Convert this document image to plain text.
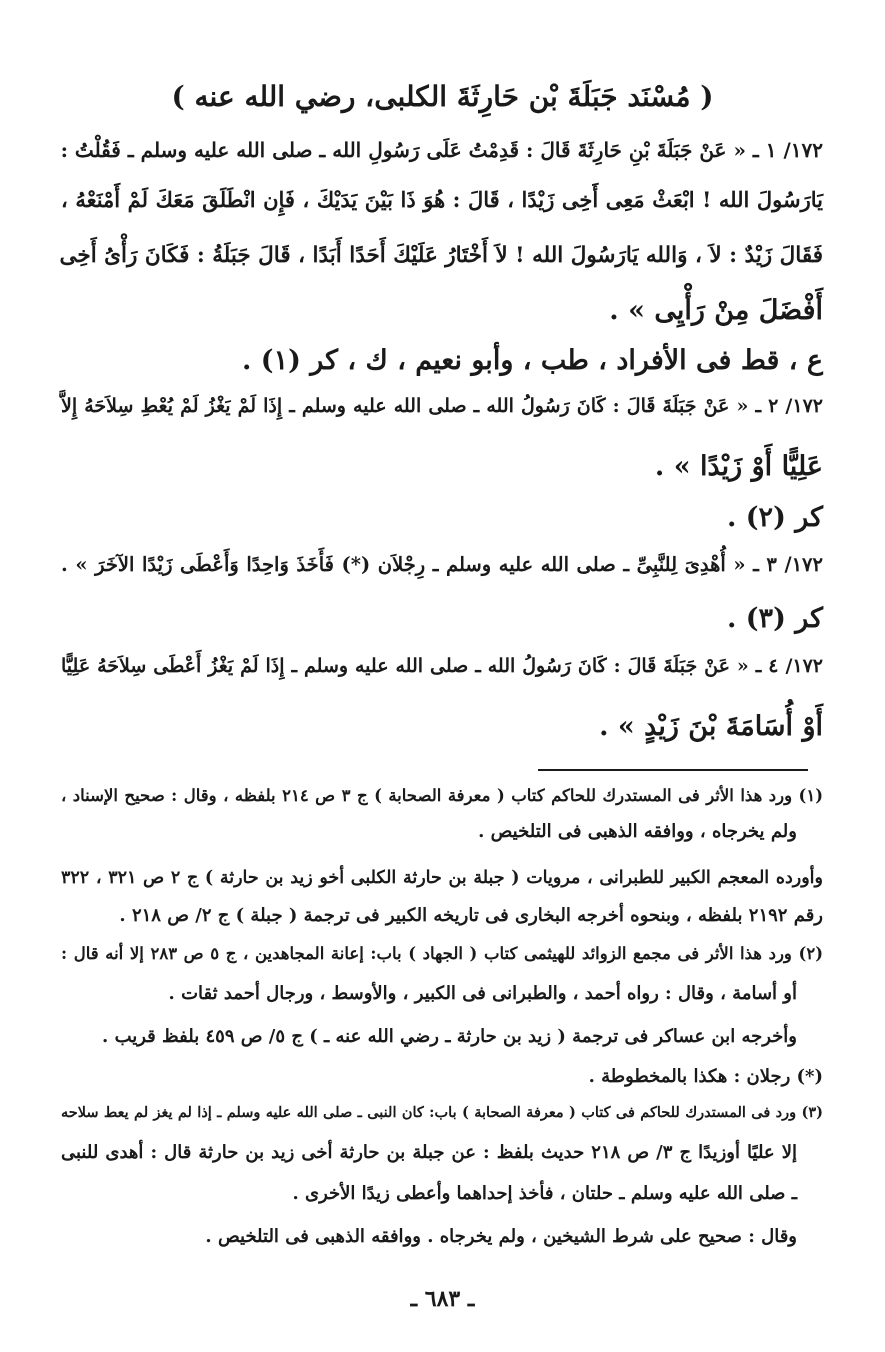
( مُسْنَد جَبَلَةَ بْن حَارِثَةَ الكلبى، رضي الله عنه )
١٧٢/ ١ ـ « عَنْ جَبَلَةَ بْنِ حَارِثَةَ قَالَ : قَدِمْتُ عَلَى رَسُولِ الله ـ صلى الله عليه وسلم ـ فَقُلْتُ :
يَارَسُولَ الله ! ابْعَثْ مَعِى أَخِى زَيْدًا ، قَالَ : هُوَ ذَا بَيْنَ يَدَيْكَ ، فَإِن انْطَلَقَ مَعَكَ لَمْ أَمْنَعْهُ ،
فَقَالَ زَيْدٌ : لاَ ، وَالله يَارَسُولَ الله ! لاَ أَخْتَارُ عَلَيْكَ أَحَدًا أَبَدًا ، قَالَ جَبَلَةُ : فَكَانَ رَأْىُ أَخِى
أَفْضَلَ مِنْ رَأْيِى » .
ع ، قط فى الأفراد ، طب ، وأبو نعيم ، ك ، كر (١) .
١٧٢/ ٢ ـ « عَنْ جَبَلَةَ قَالَ : كَانَ رَسُولُ الله ـ صلى الله عليه وسلم ـ إِذَا لَمْ يَغْزُ لَمْ يُعْطِ سِلاَحَهُ إِلاَّ
عَلِيًّا أَوْ زَيْدًا » .
كر (٢) .
١٧٢/ ٣ ـ « أُهْدِىَ لِلنَّبِىِّ ـ صلى الله عليه وسلم ـ رِجْلاَن (*) فَأَخَذَ وَاحِدًا وَأَعْطَى زَيْدًا الآخَرَ » .
كر (٣) .
١٧٢/ ٤ ـ « عَنْ جَبَلَةَ قَالَ : كَانَ رَسُولُ الله ـ صلى الله عليه وسلم ـ إِذَا لَمْ يَغْزُ أَعْطَى سِلاَحَهُ عَلِيًّا
أَوْ أُسَامَةَ بْنَ زَيْدٍ » .
(١) ورد هذا الأثر فى المستدرك للحاكم كتاب ( معرفة الصحابة ) ج ٣ ص ٢١٤ بلفظه ، وقال : صحيح الإسناد ،
ولم يخرجاه ، ووافقه الذهبى فى التلخيص .
وأورده المعجم الكبير للطبرانى ، مرويات ( جبلة بن حارثة الكلبى أخو زيد بن حارثة ) ج ٢ ص ٣٢١ ، ٣٢٢
رقم ٢١٩٢ بلفظه ، وبنحوه أخرجه البخارى فى تاريخه الكبير فى ترجمة ( جبلة ) ج ٢/ ص ٢١٨ .
(٢) ورد هذا الأثر فى مجمع الزوائد للهيثمى كتاب ( الجهاد ) باب: إعانة المجاهدين ، ج ٥ ص ٢٨٣ إلا أنه قال :
أو أسامة ، وقال : رواه أحمد ، والطبرانى فى الكبير ، والأوسط ، ورجال أحمد ثقات .
وأخرجه ابن عساكر فى ترجمة ( زيد بن حارثة ـ رضي الله عنه ـ ) ج ٥/ ص ٤٥٩ بلفظ قريب .
(*) رجلان : هكذا بالمخطوطة .
(٣) ورد فى المستدرك للحاكم فى كتاب ( معرفة الصحابة ) باب: كان النبى ـ صلى الله عليه وسلم ـ إذا لم يغز لم يعط سلاحه
إلا عليًا أوزيدًا ج ٣/ ص ٢١٨ حديث بلفظ : عن جبلة بن حارثة أخى زيد بن حارثة قال : أهدى للنبى
ـ صلى الله عليه وسلم ـ حلتان ، فأخذ إحداهما وأعطى زيدًا الأخرى .
وقال : صحيح على شرط الشيخين ، ولم يخرجاه . ووافقه الذهبى فى التلخيص .
ـ ٦٨٣ ـ
